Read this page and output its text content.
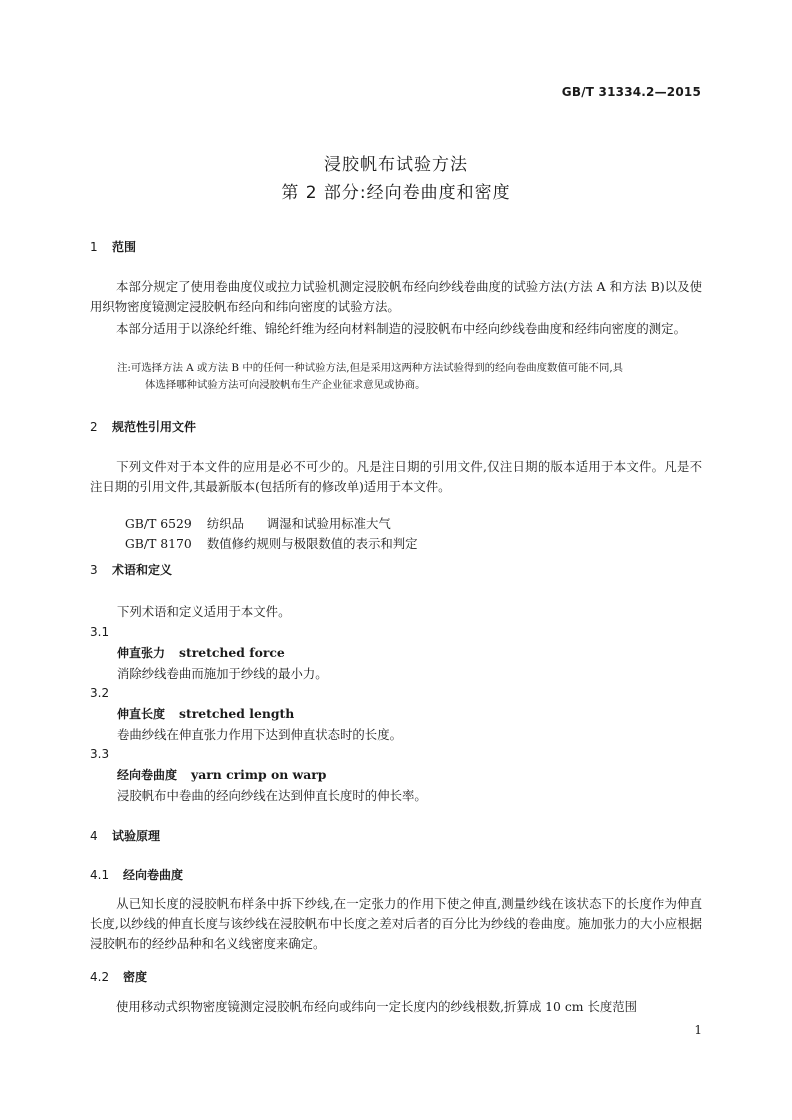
GB/T 31334.2—2015
浸胶帆布试验方法
第 2 部分:经向卷曲度和密度
1 范围
本部分规定了使用卷曲度仪或拉力试验机测定浸胶帆布经向纱线卷曲度的试验方法(方法 A 和方法 B)以及使用织物密度镜测定浸胶帆布经向和纬向密度的试验方法。
本部分适用于以涤纶纤维、锦纶纤维为经向材料制造的浸胶帆布中经向纱线卷曲度和经纬向密度的测定。
注:可选择方法 A 或方法 B 中的任何一种试验方法,但是采用这两种方法试验得到的经向卷曲度数值可能不同,具
体选择哪种试验方法可向浸胶帆布生产企业征求意见或协商。
2 规范性引用文件
下列文件对于本文件的应用是必不可少的。凡是注日期的引用文件,仅注日期的版本适用于本文件。凡是不注日期的引用文件,其最新版本(包括所有的修改单)适用于本文件。

GB/T 6529 纺织品 调湿和试验用标准大气

GB/T 8170 数值修约规则与极限数值的表示和判定

3 术语和定义
下列术语和定义适用于本文件。
3.1
伸直张力 stretched force
消除纱线卷曲而施加于纱线的最小力。
3.2
伸直长度 stretched length
卷曲纱线在伸直张力作用下达到伸直状态时的长度。
3.3
经向卷曲度 yarn crimp on warp
浸胶帆布中卷曲的经向纱线在达到伸直长度时的伸长率。
4 试验原理
4.1 经向卷曲度
从已知长度的浸胶帆布样条中拆下纱线,在一定张力的作用下使之伸直,测量纱线在该状态下的长度作为伸直长度,以纱线的伸直长度与该纱线在浸胶帆布中长度之差对后者的百分比为纱线的卷曲度。施加张力的大小应根据浸胶帆布的经纱品种和名义线密度来确定。
4.2 密度
使用移动式织物密度镜测定浸胶帆布经向或纬向一定长度内的纱线根数,折算成 10 cm 长度范围
1
